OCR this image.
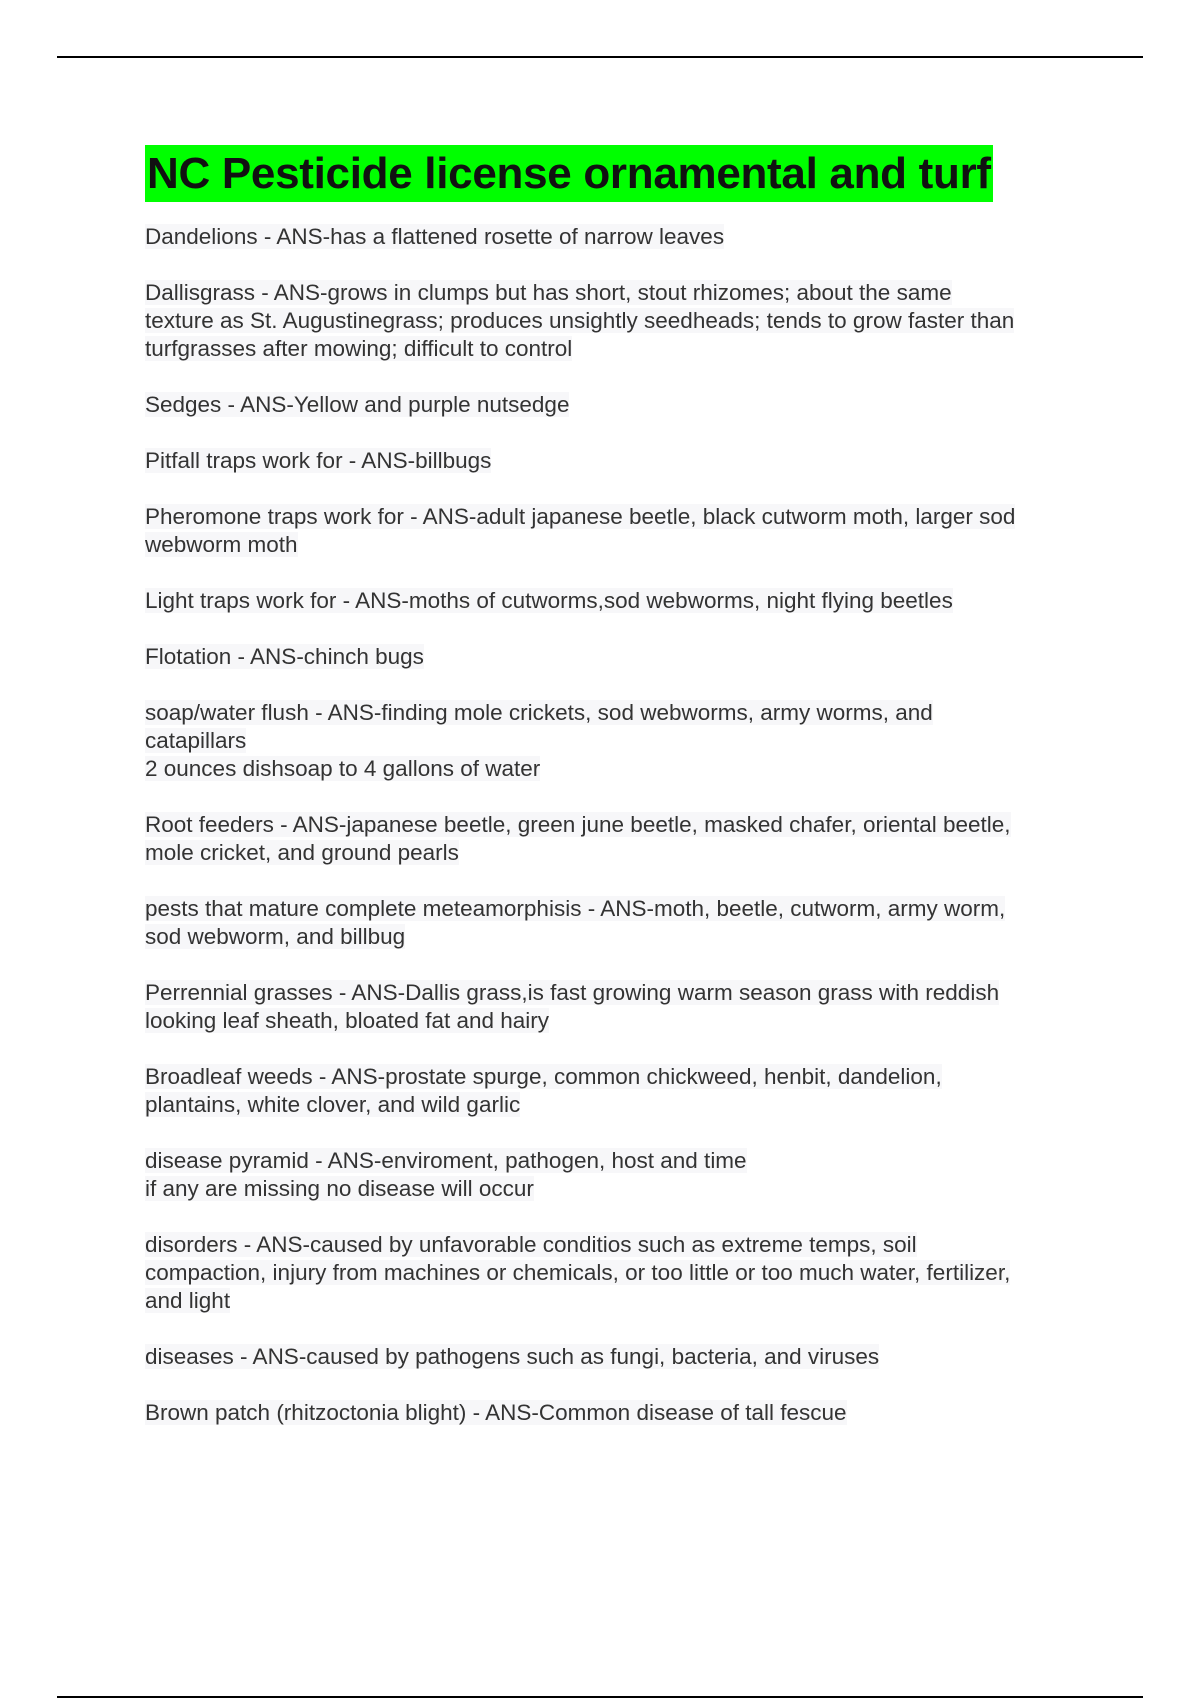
NC Pesticide license ornamental and turf
Dandelions - ANS-has a flattened rosette of narrow leaves
Dallisgrass - ANS-grows in clumps but has short, stout rhizomes; about the same
texture as St. Augustinegrass; produces unsightly seedheads; tends to grow faster than
turfgrasses after mowing; difficult to control
Sedges - ANS-Yellow and purple nutsedge
Pitfall traps work for - ANS-billbugs
Pheromone traps work for - ANS-adult japanese beetle, black cutworm moth, larger sod
webworm moth
Light traps work for - ANS-moths of cutworms,sod webworms, night flying beetles
Flotation - ANS-chinch bugs
soap/water flush - ANS-finding mole crickets, sod webworms, army worms, and
catapillars
2 ounces dishsoap to 4 gallons of water
Root feeders - ANS-japanese beetle, green june beetle, masked chafer, oriental beetle,
mole cricket, and ground pearls
pests that mature complete meteamorphisis - ANS-moth, beetle, cutworm, army worm,
sod webworm, and billbug
Perrennial grasses - ANS-Dallis grass,is fast growing warm season grass with reddish
looking leaf sheath, bloated fat and hairy
Broadleaf weeds - ANS-prostate spurge, common chickweed, henbit, dandelion,
plantains, white clover, and wild garlic
disease pyramid - ANS-enviroment, pathogen, host and time
if any are missing no disease will occur
disorders - ANS-caused by unfavorable conditios such as extreme temps, soil
compaction, injury from machines or chemicals, or too little or too much water, fertilizer,
and light
diseases - ANS-caused by pathogens such as fungi, bacteria, and viruses
Brown patch (rhitzoctonia blight) - ANS-Common disease of tall fescue
